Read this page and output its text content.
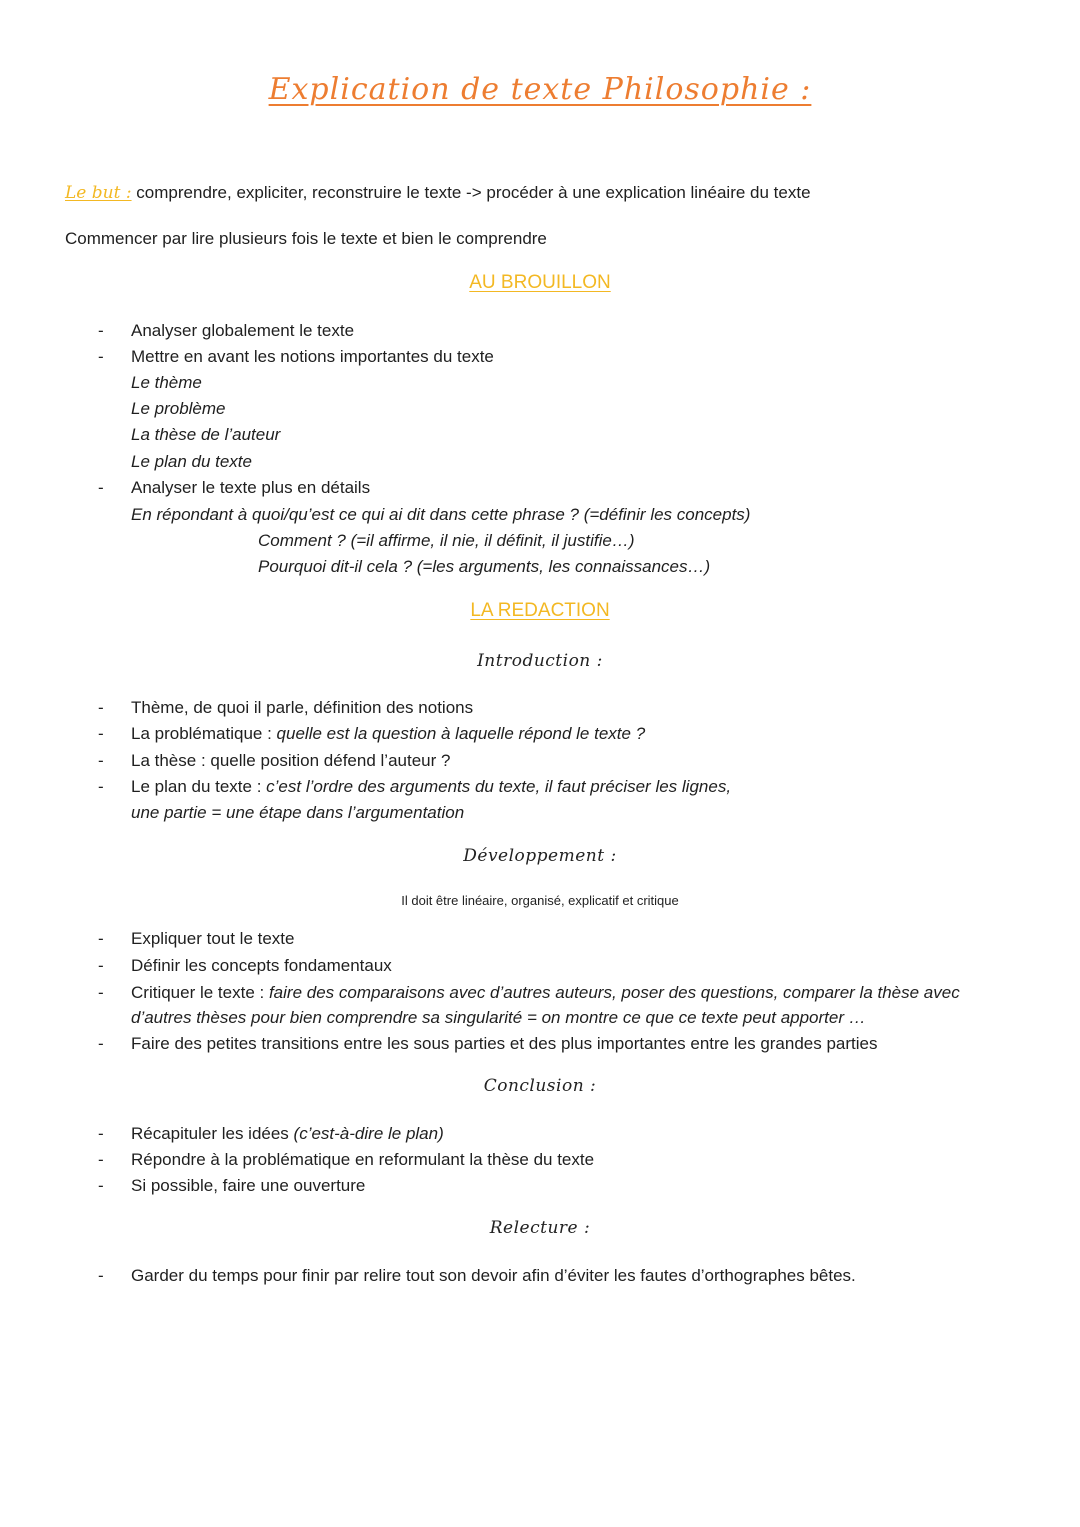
Explication de texte Philosophie :
Le but : comprendre, expliciter, reconstruire le texte -> procéder à une explication linéaire du texte
Commencer par lire plusieurs fois le texte et bien le comprendre
AU BROUILLON
- Analyser globalement le texte
- Mettre en avant les notions importantes du texte
Le thème
Le problème
La thèse de l’auteur
Le plan du texte
- Analyser le texte plus en détails
En répondant à quoi/qu’est ce qui ai dit dans cette phrase ? (=définir les concepts)
Comment ? (=il affirme, il nie, il définit, il justifie…)
Pourquoi dit-il cela ? (=les arguments, les connaissances…)
LA REDACTION
Introduction :
- Thème, de quoi il parle, définition des notions
- La problématique : quelle est la question à laquelle répond le texte ?
- La thèse : quelle position défend l’auteur ?
- Le plan du texte : c’est l’ordre des arguments du texte, il faut préciser les lignes,
une partie = une étape dans l’argumentation
Développement :
Il doit être linéaire, organisé, explicatif et critique
- Expliquer tout le texte
- Définir les concepts fondamentaux
- Critiquer le texte : faire des comparaisons avec d’autres auteurs, poser des questions, comparer la thèse avec
d’autres thèses pour bien comprendre sa singularité = on montre ce que ce texte peut apporter …
- Faire des petites transitions entre les sous parties et des plus importantes entre les grandes parties
Conclusion :
- Récapituler les idées (c’est-à-dire le plan)
- Répondre à la problématique en reformulant la thèse du texte
- Si possible, faire une ouverture
Relecture :
- Garder du temps pour finir par relire tout son devoir afin d’éviter les fautes d’orthographes bêtes.
